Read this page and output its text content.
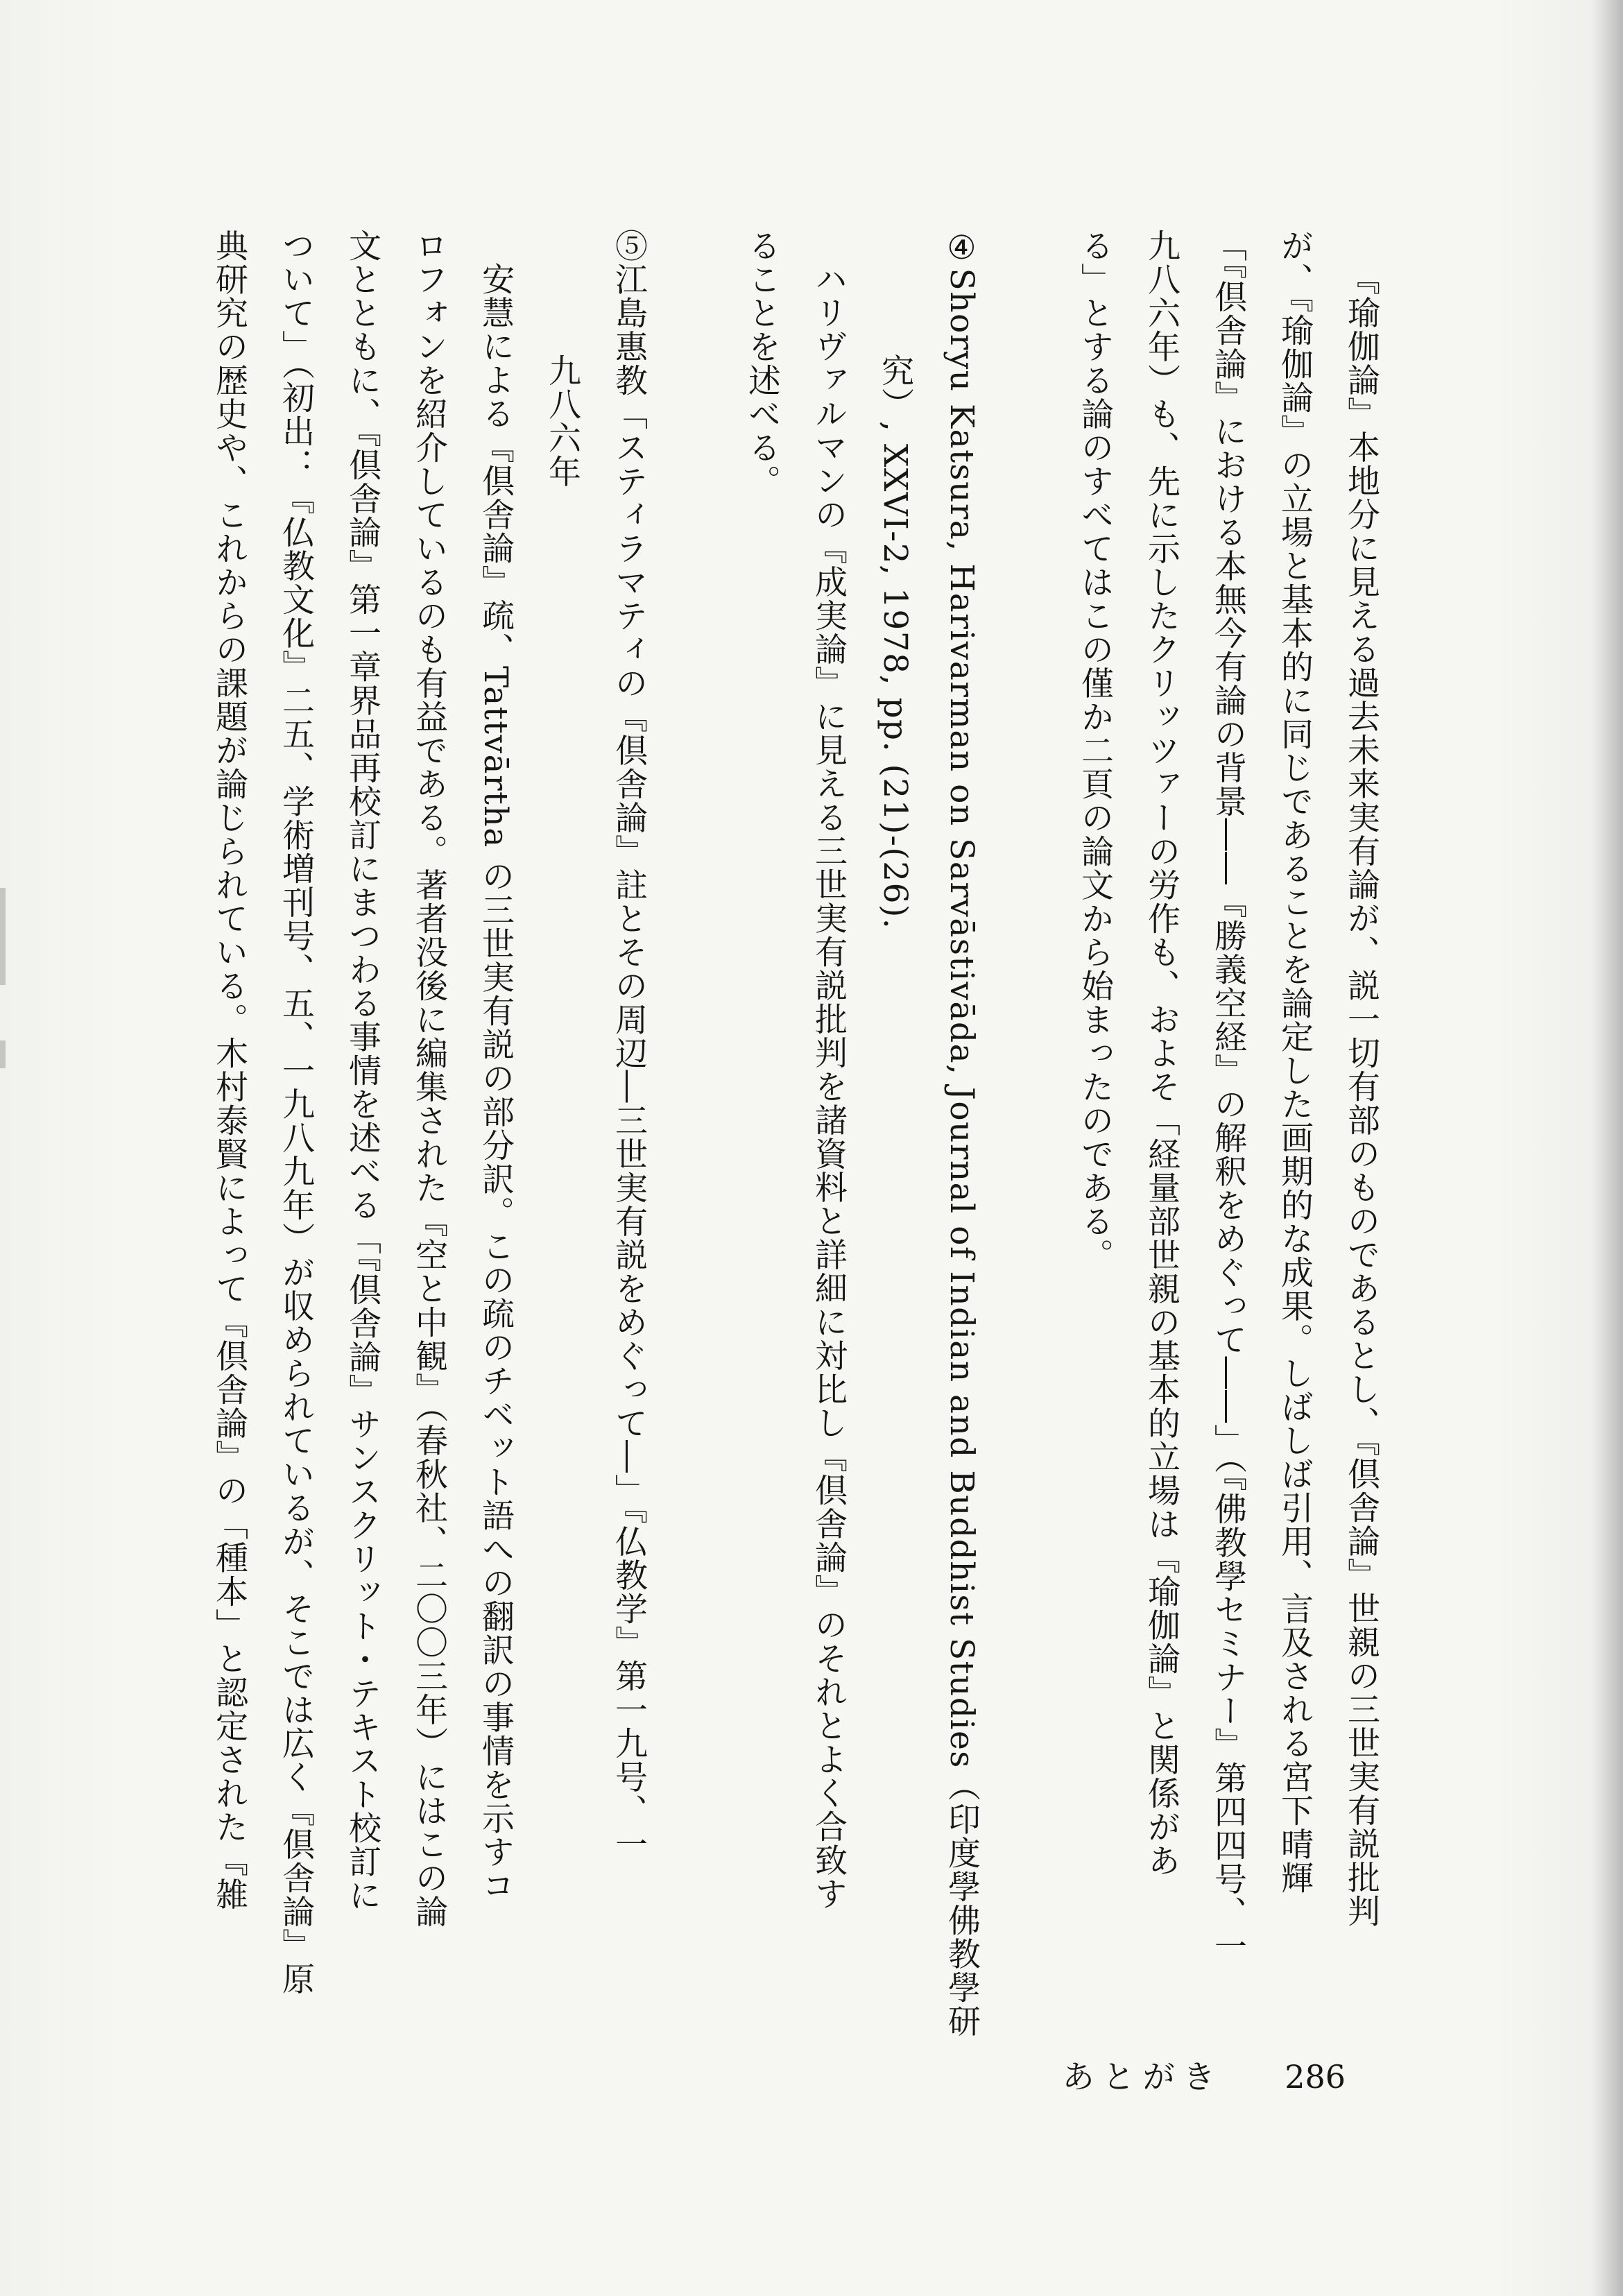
『瑜伽論』本地分に見える過去未来実有論が、説一切有部のものであるとし、『倶舎論』世親の三世実有説批判
が、『瑜伽論』の立場と基本的に同じであることを論定した画期的な成果。しばしば引用、言及される宮下晴輝
「『倶舎論』における本無今有論の背景――『勝義空経』の解釈をめぐって――」（『佛教學セミナー』第四四号、一
九八六年）も、先に示したクリッツァーの労作も、およそ「経量部世親の基本的立場は『瑜伽論』と関係があ
る」とする論のすべてはこの僅か二頁の論文から始まったのである。
④Shoryu Katsura, Harivarman on Sarvāstivāda, Journal of Indian and Buddhist Studies（印度學佛教學研
究）, XXVI-2, 1978, pp. (21)-(26).
ハリヴァルマンの『成実論』に見える三世実有説批判を諸資料と詳細に対比し『倶舎論』のそれとよく合致す
ることを述べる。
⑤江島惠教「スティラマティの『倶舎論』註とその周辺―三世実有説をめぐって―」『仏教学』第一九号、一
九八六年
安慧による『倶舎論』疏、Tattvārtha の三世実有説の部分訳。この疏のチベット語への翻訳の事情を示すコ
ロフォンを紹介しているのも有益である。著者没後に編集された『空と中観』（春秋社、二〇〇三年）にはこの論
文とともに、『倶舎論』第一章界品再校訂にまつわる事情を述べる「『倶舎論』サンスクリット・テキスト校訂に
ついて」（初出：『仏教文化』二五、学術増刊号、五、一九八九年）が収められているが、そこでは広く『倶舎論』原
典研究の歴史や、これからの課題が論じられている。木村泰賢によって『倶舎論』の「種本」と認定された『雑
あとがき 286
